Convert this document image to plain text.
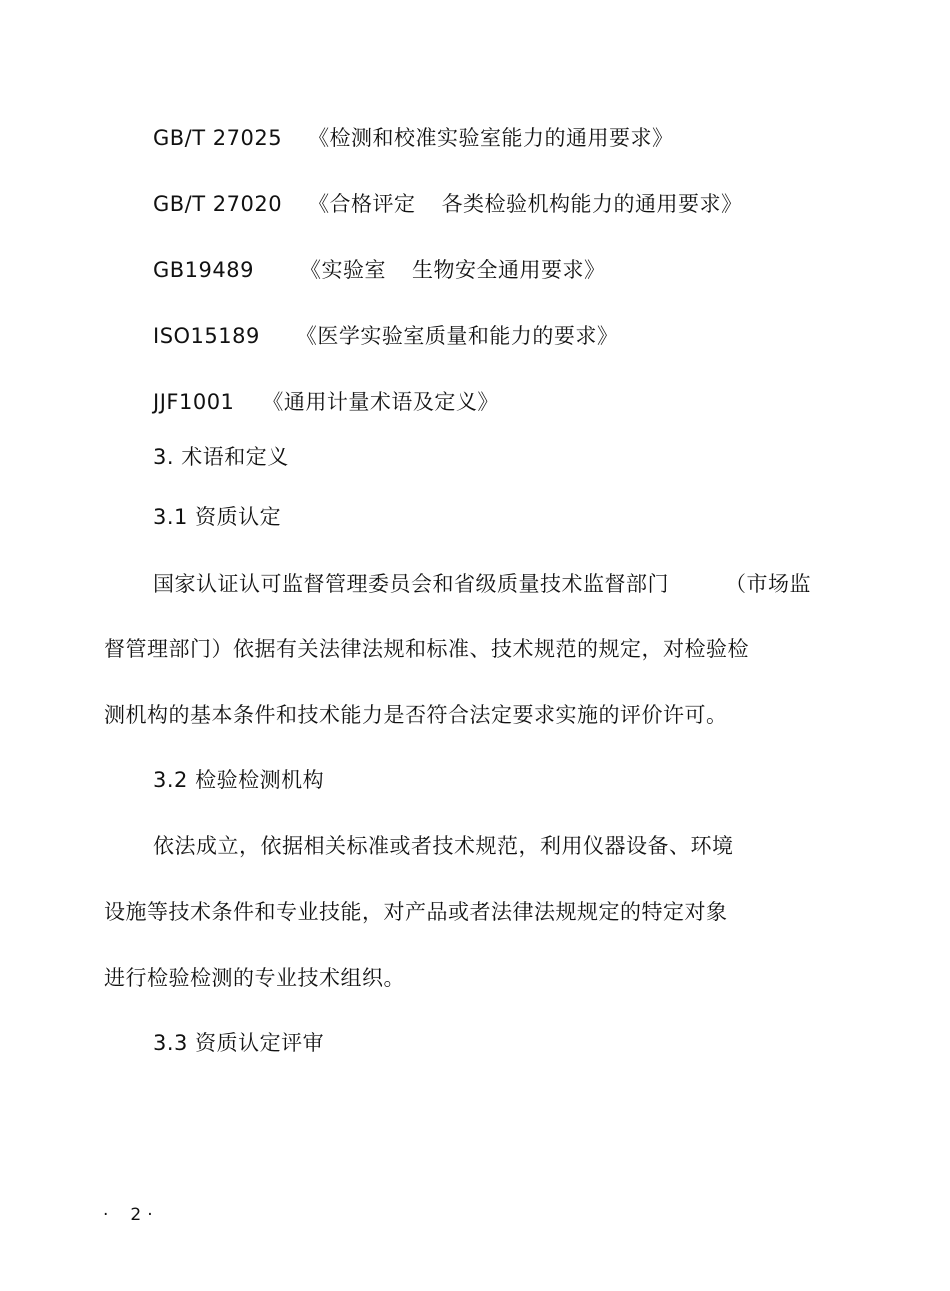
GB/T 27025 《检测和校准实验室能力的通用要求》
GB/T 27020 《合格评定 各类检验机构能力的通用要求》
GB19489 《实验室 生物安全通用要求》
ISO15189 《医学实验室质量和能力的要求》
JJF1001 《通用计量术语及定义》
3. 术语和定义
3.1 资质认定
国家认证认可监督管理委员会和省级质量技术监督部门	（市场监
督管理部门）依据有关法律法规和标准、技术规范的规定，对检验检
测机构的基本条件和技术能力是否符合法定要求实施的评价许可。
3.2 检验检测机构
依法成立，依据相关标准或者技术规范，利用仪器设备、环境
设施等技术条件和专业技能，对产品或者法律法规规定的特定对象
进行检验检测的专业技术组织。
3.3 资质认定评审
· 2 ·
